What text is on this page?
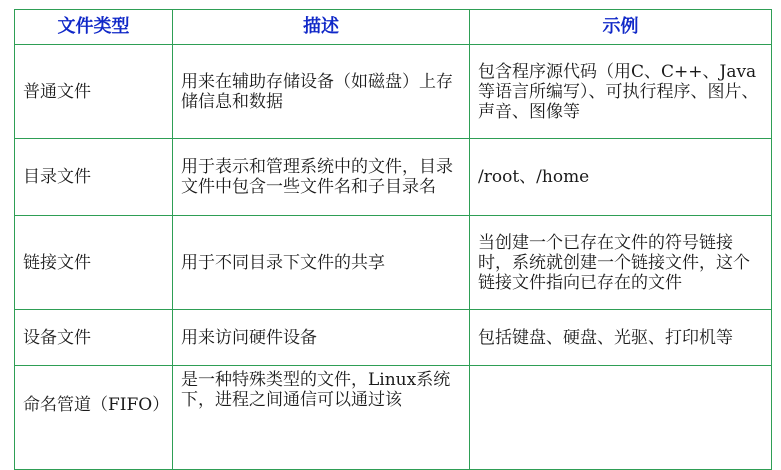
文件类型	描述	示例
普通文件	用来在辅助存储设备（如磁盘）上存储信息和数据	包含程序源代码（用C、C++、Java等语言所编写）、可执行程序、图片、声音、图像等
目录文件	用于表示和管理系统中的文件，目录文件中包含一些文件名和子目录名	/root、/home
链接文件	用于不同目录下文件的共享	当创建一个已存在文件的符号链接时，系统就创建一个链接文件，这个链接文件指向已存在的文件
设备文件	用来访问硬件设备	包括键盘、硬盘、光驱、打印机等
命名管道（FIFO）	是一种特殊类型的文件，Linux系统下，进程之间通信可以通过该	
